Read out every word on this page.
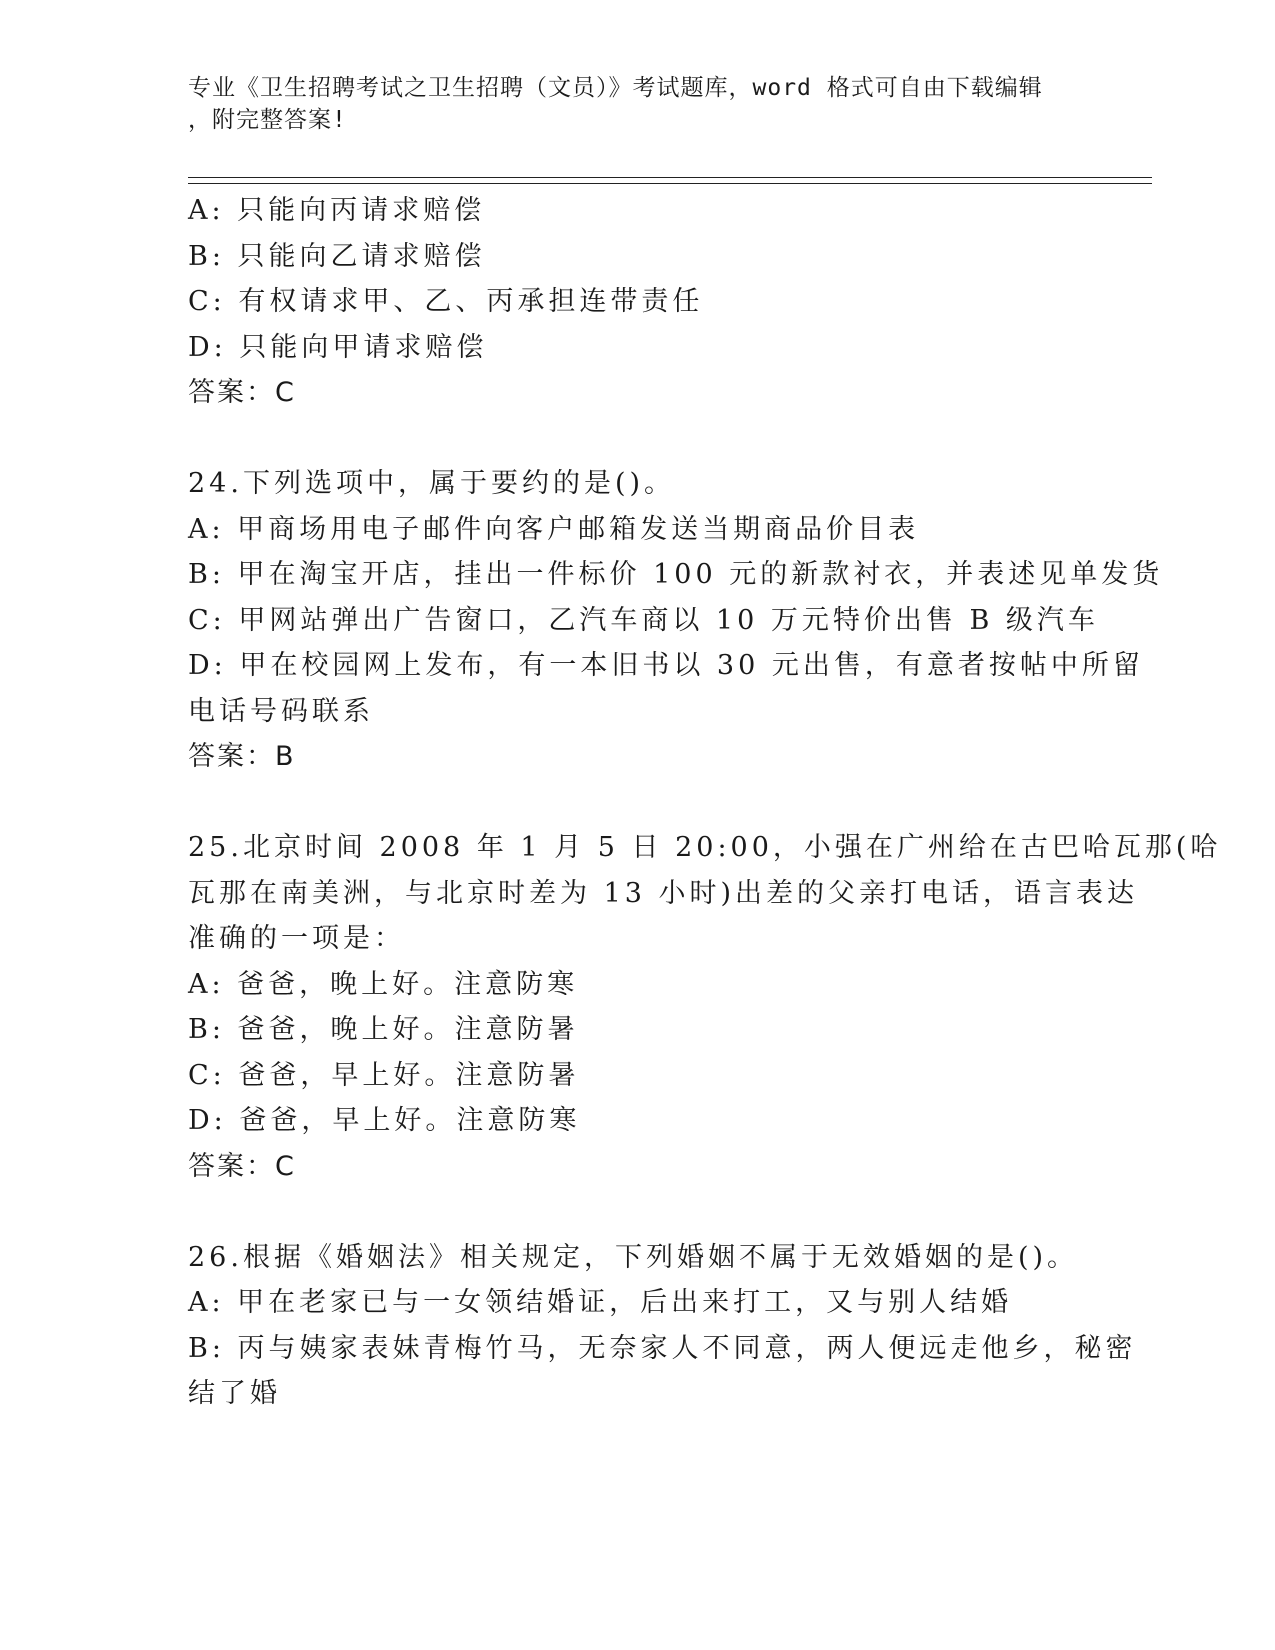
专业《卫生招聘考试之卫生招聘（文员）》考试题库，word 格式可自由下载编辑
，附完整答案!
A: 只能向丙请求赔偿
B: 只能向乙请求赔偿
C: 有权请求甲、乙、丙承担连带责任
D: 只能向甲请求赔偿
答案：C
24.下列选项中，属于要约的是()。
A: 甲商场用电子邮件向客户邮箱发送当期商品价目表
B: 甲在淘宝开店，挂出一件标价 100 元的新款衬衣，并表述见单发货
C: 甲网站弹出广告窗口，乙汽车商以 10 万元特价出售 B 级汽车
D: 甲在校园网上发布，有一本旧书以 30 元出售，有意者按帖中所留
电话号码联系
答案：B
25.北京时间 2008 年 1 月 5 日 20:00，小强在广州给在古巴哈瓦那(哈
瓦那在南美洲，与北京时差为 13 小时)出差的父亲打电话，语言表达
准确的一项是：
A: 爸爸，晚上好。注意防寒
B: 爸爸，晚上好。注意防暑
C: 爸爸，早上好。注意防暑
D: 爸爸，早上好。注意防寒
答案：C
26.根据《婚姻法》相关规定，下列婚姻不属于无效婚姻的是()。
A: 甲在老家已与一女领结婚证，后出来打工，又与别人结婚
B: 丙与姨家表妹青梅竹马，无奈家人不同意，两人便远走他乡，秘密
结了婚
